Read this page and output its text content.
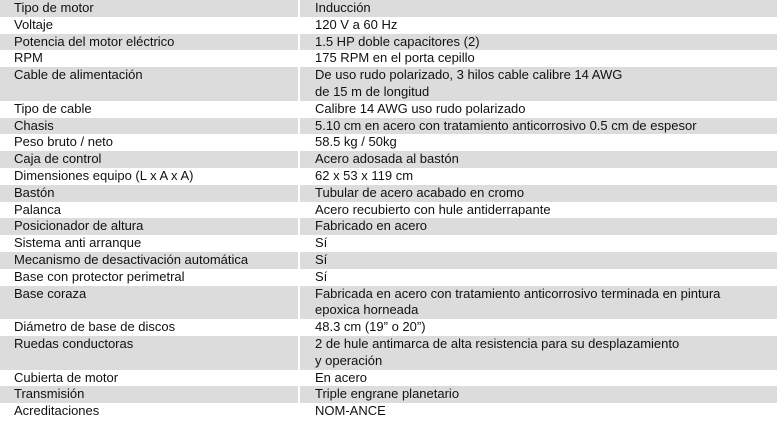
Tipo de motor	Inducción
Voltaje	120 V a 60 Hz
Potencia del motor eléctrico	1.5 HP doble capacitores (2)
RPM	175 RPM en el porta cepillo
Cable de alimentación	De uso rudo polarizado, 3 hilos cable calibre 14 AWG
de 15 m de longitud
Tipo de cable	Calibre 14 AWG uso rudo polarizado
Chasis	5.10 cm en acero con tratamiento anticorrosivo 0.5 cm de espesor
Peso bruto / neto	58.5 kg / 50kg
Caja de control	Acero adosada al bastón
Dimensiones equipo (L x A x A)	62 x 53 x 119 cm
Bastón	Tubular de acero acabado en cromo
Palanca	Acero recubierto con hule antiderrapante
Posicionador de altura	Fabricado en acero
Sistema anti arranque	Sí
Mecanismo de desactivación automática	Sí
Base con protector perimetral	Sí
Base coraza	Fabricada en acero con tratamiento anticorrosivo terminada en pintura
epoxica horneada
Diámetro de base de discos	48.3 cm (19” o 20”)
Ruedas conductoras	2 de hule antimarca de alta resistencia para su desplazamiento
y operación
Cubierta de motor	En acero
Transmisión	Triple engrane planetario
Acreditaciones	NOM-ANCE
